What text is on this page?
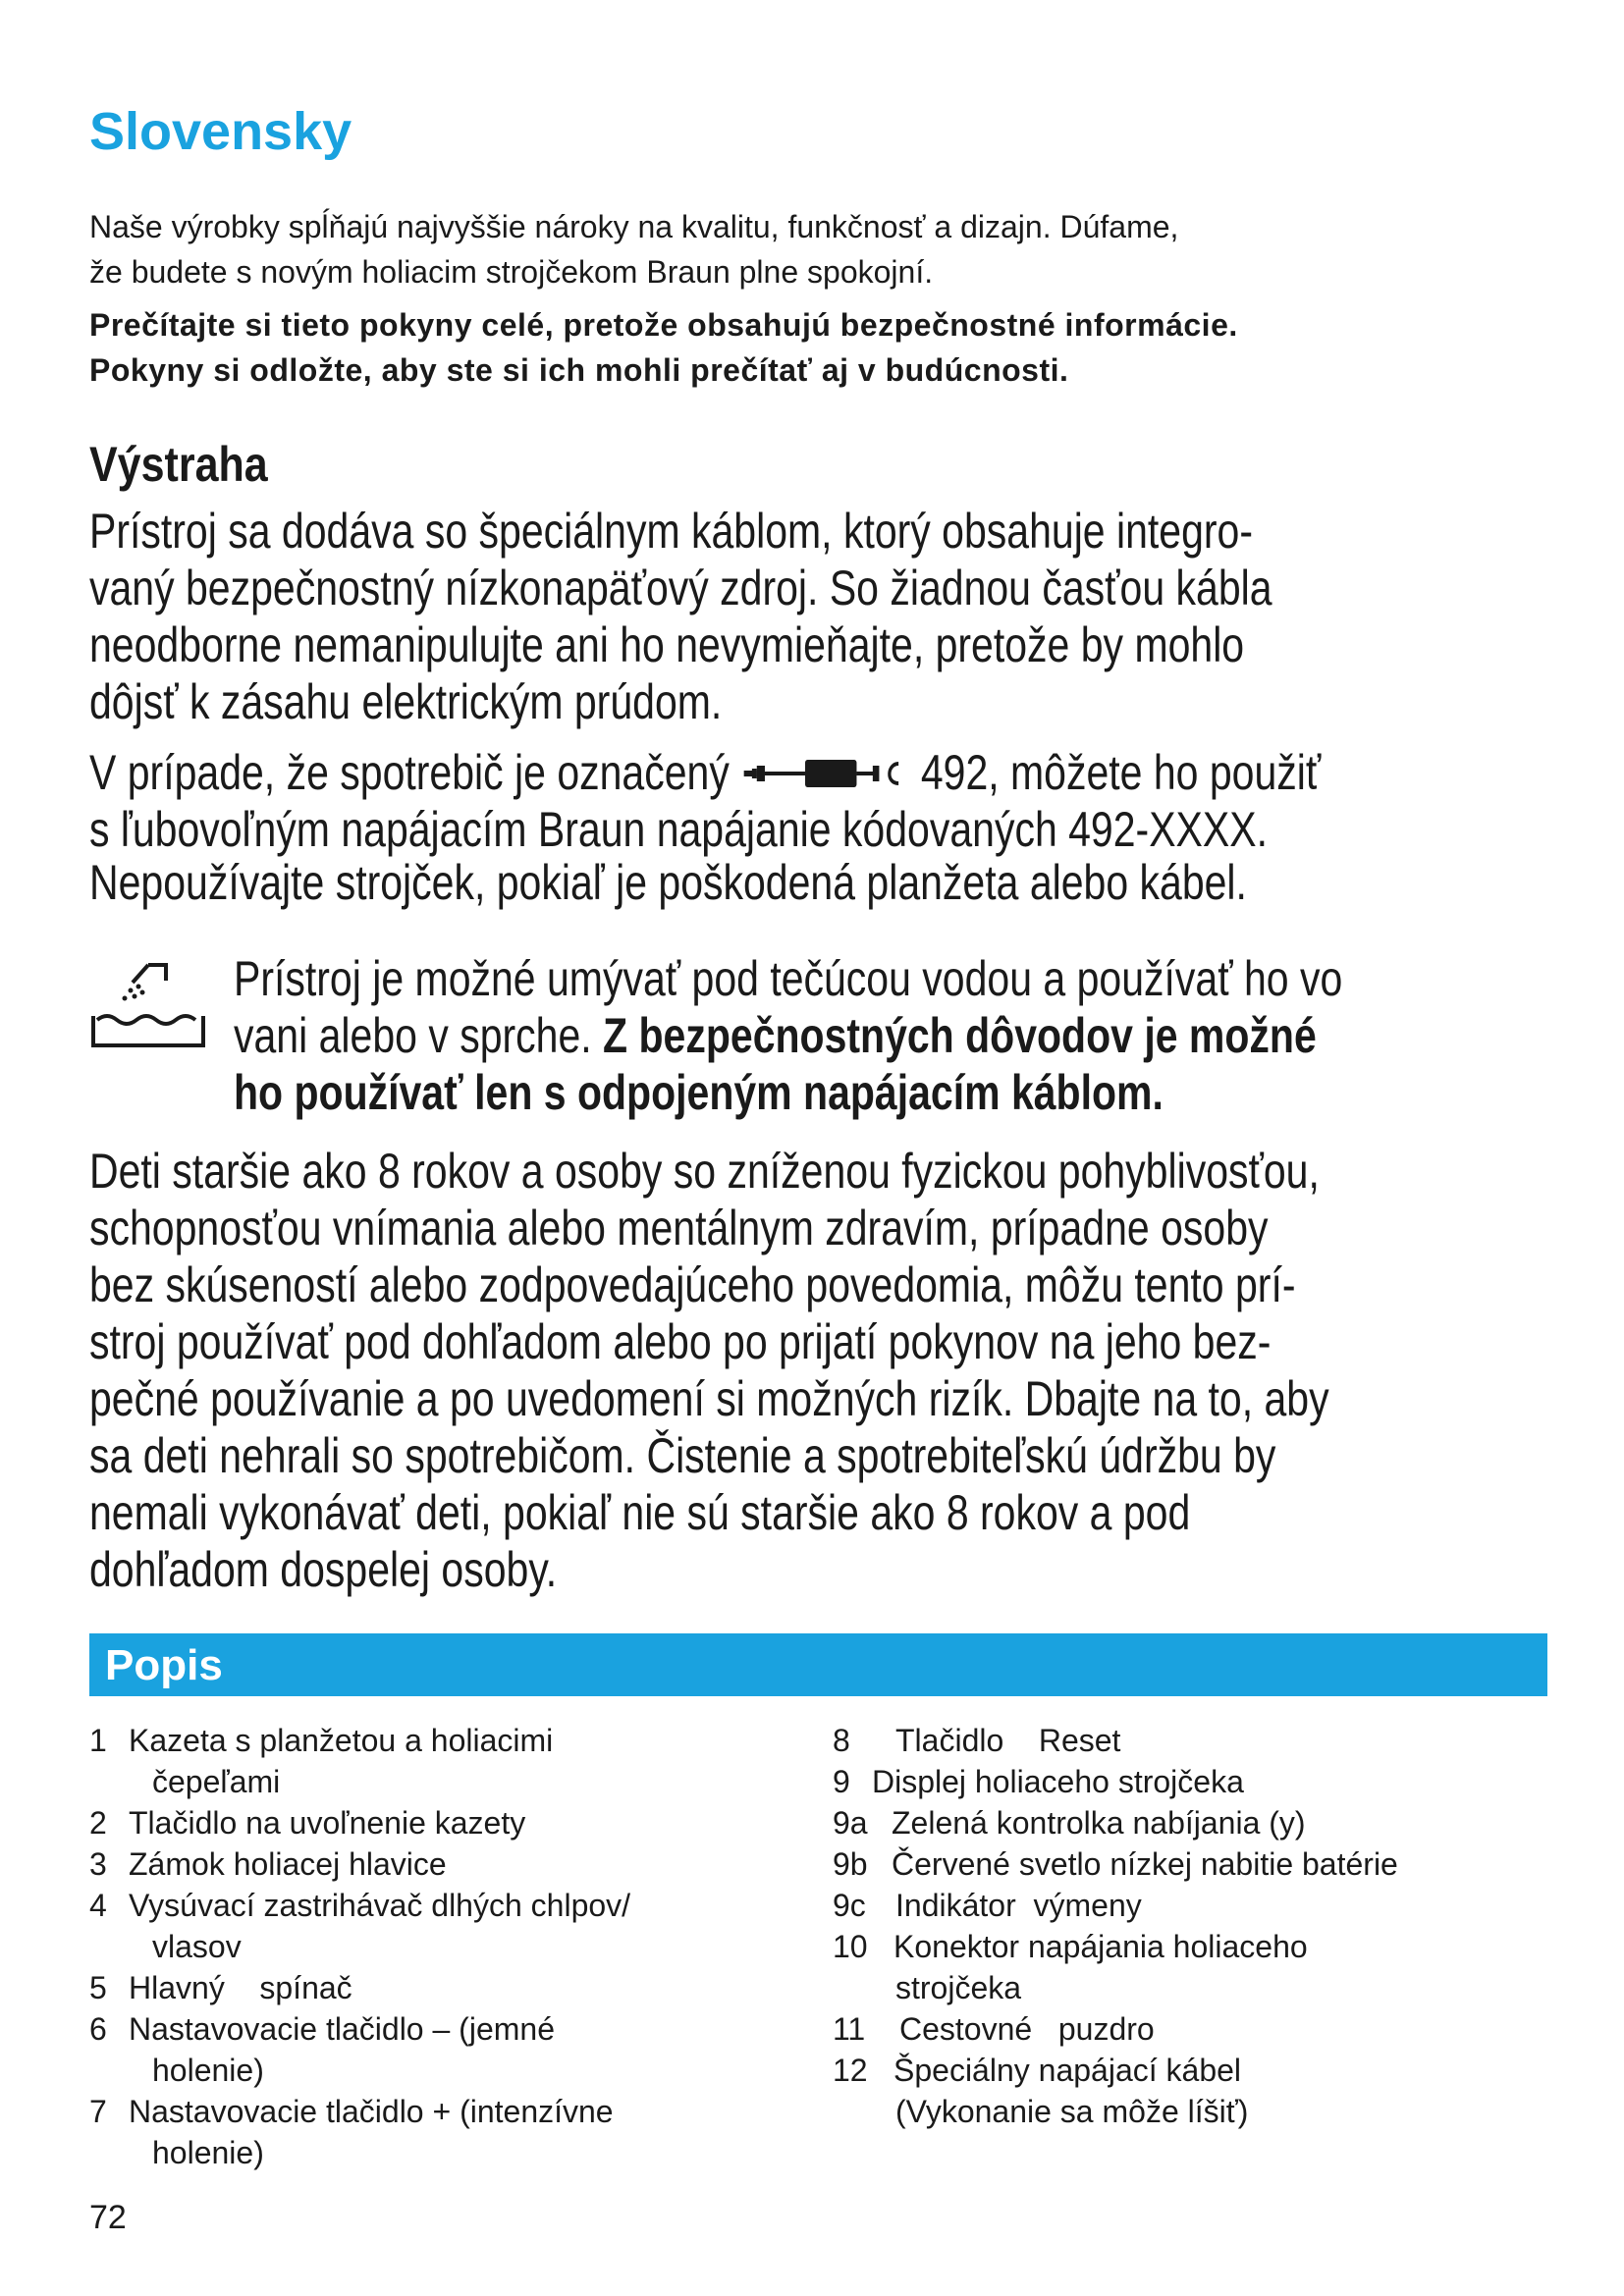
Slovensky
Naše výrobky spĺňajú najvyššie nároky na kvalitu, funkčnosť a dizajn. Dúfame,
že budete s novým holiacim strojčekom Braun plne spokojní.
Prečítajte si tieto pokyny celé, pretože obsahujú bezpečnostné informácie.
Pokyny si odložte, aby ste si ich mohli prečítať aj v budúcnosti.
Výstraha
Prístroj sa dodáva so špeciálnym káblom, ktorý obsahuje integro-
vaný bezpečnostný nízkonapäťový zdroj. So žiadnou časťou kábla
neodborne nemanipulujte ani ho nevymieňajte, pretože by mohlo
dôjsť k zásahu elektrickým prúdom.
V prípade, že spotrebič je označený	492, môžete ho použiť
s ľubovoľným napájacím Braun napájanie kódovaných 492-XXXX.
Nepoužívajte strojček, pokiaľ je poškodená planžeta alebo kábel.
Prístroj je možné umývať pod tečúcou vodou a používať ho vo
vani alebo v sprche. Z bezpečnostných dôvodov je možné
ho používať len s odpojeným napájacím káblom.
Deti staršie ako 8 rokov a osoby so zníženou fyzickou pohyblivosťou,
schopnosťou vnímania alebo mentálnym zdravím, prípadne osoby
bez skúseností alebo zodpovedajúceho povedomia, môžu tento prí-
stroj používať pod dohľadom alebo po prijatí pokynov na jeho bez-
pečné používanie a po uvedomení si možných rizík. Dbajte na to, aby
sa deti nehrali so spotrebičom. Čistenie a spotrebiteľskú údržbu by
nemali vykonávať deti, pokiaľ nie sú staršie ako 8 rokov a pod
dohľadom dospelej osoby.
Popis
1 Kazeta s planžetou a holiacimi
čepeľami
2 Tlačidlo na uvoľnenie kazety
3 Zámok holiacej hlavice
4 Vysúvací zastrihávač dlhých chlpov/
vlasov
5 Hlavný    spínač
6 Nastavovacie tlačidlo – (jemné
holenie)
7 Nastavovacie tlačidlo + (intenzívne
holenie)
8 Tlačidlo    Reset
9 Displej holiaceho strojčeka
9a Zelená kontrolka nabíjania (y)
9b Červené svetlo nízkej nabitie batérie
9c Indikátor  výmeny
10 Konektor napájania holiaceho
strojčeka
11 Cestovné   puzdro
12 Špeciálny napájací kábel
(Vykonanie sa môže líšiť)

72
